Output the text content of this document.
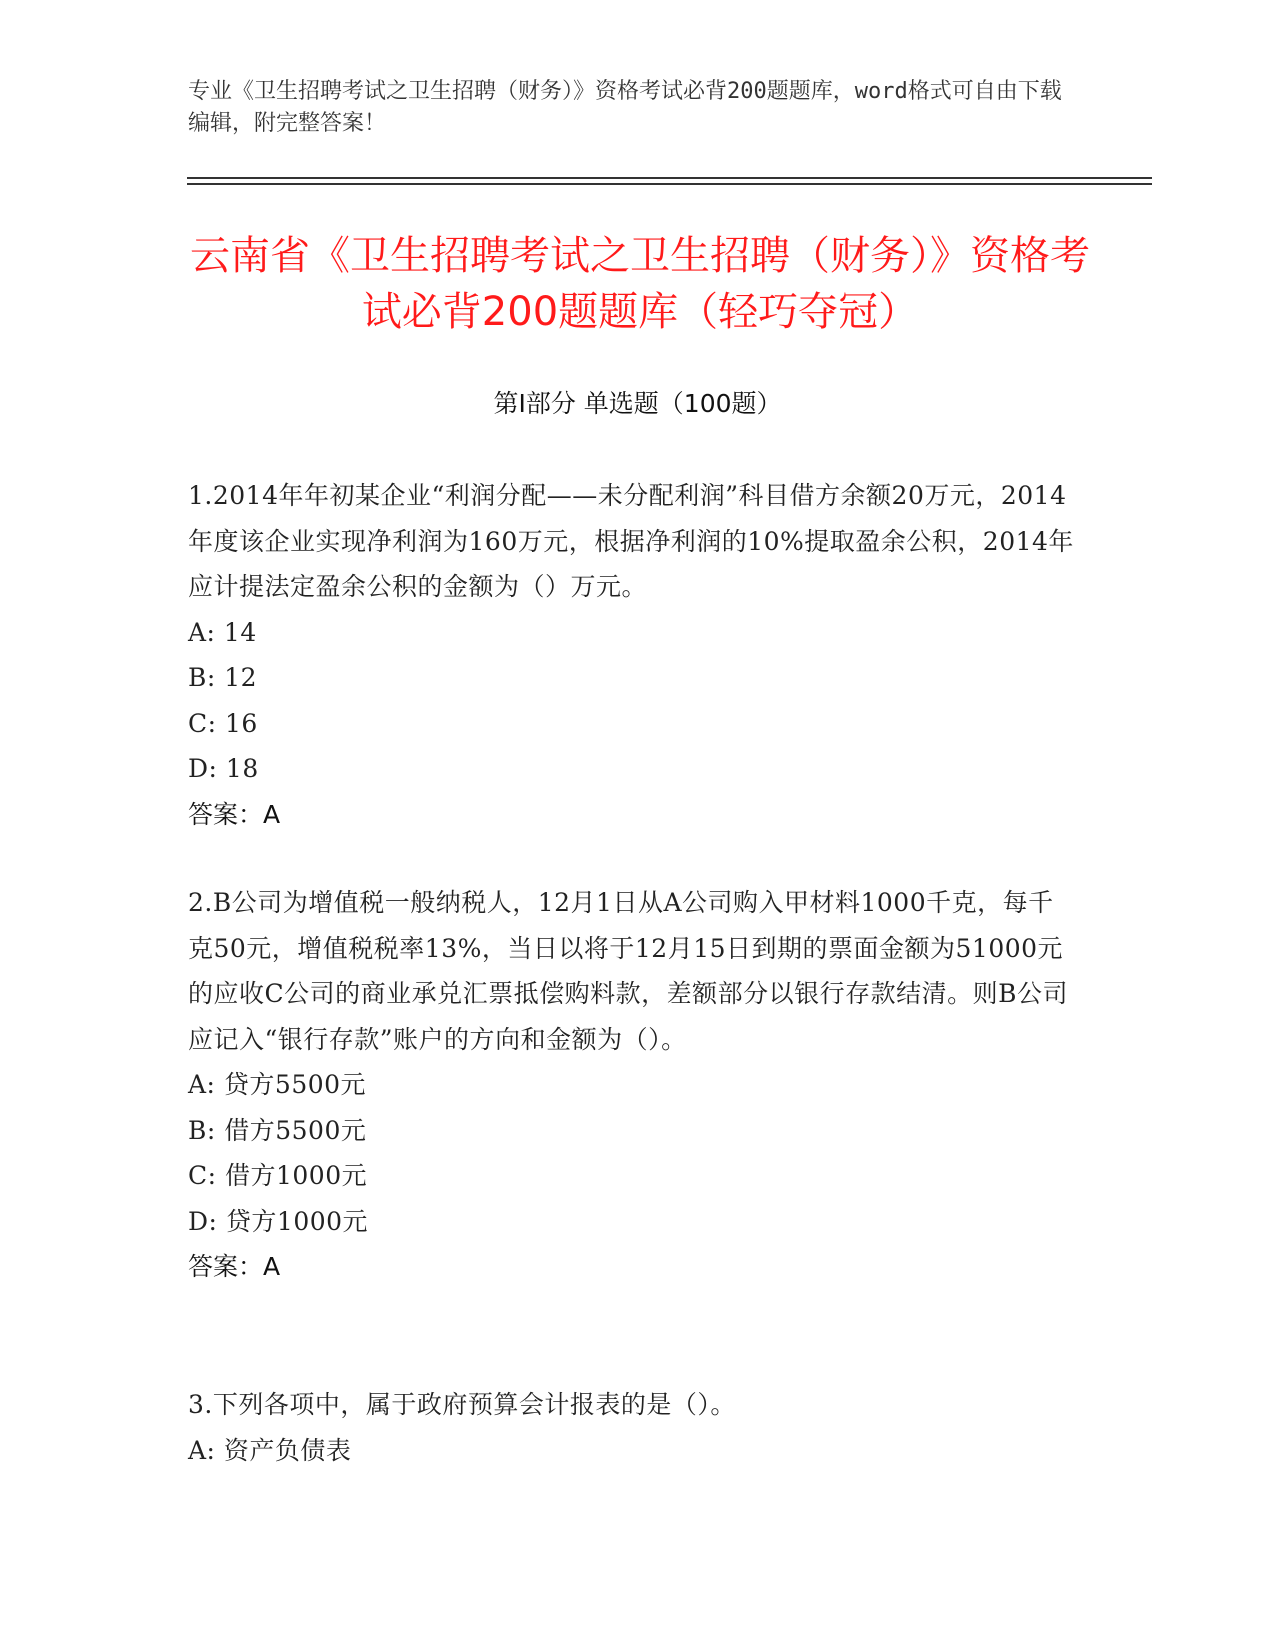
专业《卫生招聘考试之卫生招聘（财务）》资格考试必背200题题库，word格式可自由下载编辑，附完整答案！
云南省《卫生招聘考试之卫生招聘（财务）》资格考试必背200题题库（轻巧夺冠）
第Ⅰ部分 单选题（100题）
1.2014年年初某企业“利润分配——未分配利润”科目借方余额20万元，2014年度该企业实现净利润为160万元，根据净利润的10%提取盈余公积，2014年应计提法定盈余公积的金额为（）万元。
A: 14
B: 12
C: 16
D: 18
答案：A
2.B公司为增值税一般纳税人，12月1日从A公司购入甲材料1000千克，每千克50元，增值税税率13%，当日以将于12月15日到期的票面金额为51000元的应收C公司的商业承兑汇票抵偿购料款，差额部分以银行存款结清。则B公司应记入“银行存款”账户的方向和金额为（）。
A: 贷方5500元
B: 借方5500元
C: 借方1000元
D: 贷方1000元
答案：A
3.下列各项中，属于政府预算会计报表的是（）。
A: 资产负债表
